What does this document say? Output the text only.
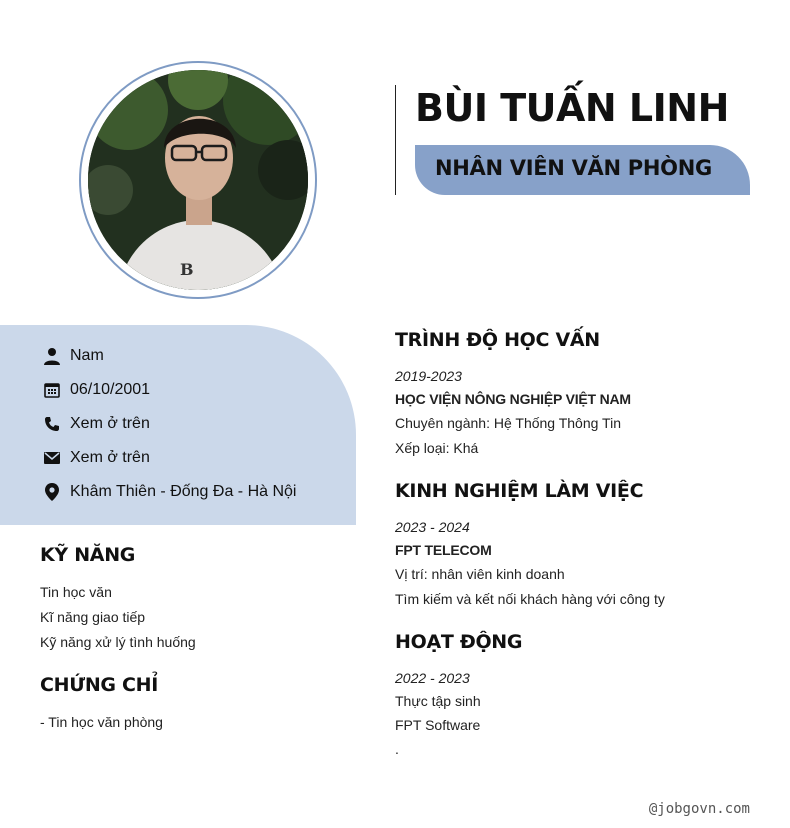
B
BÙI TUẤN LINH
NHÂN VIÊN VĂN PHÒNG
Nam
06/10/2001
Xem ở trên
Xem ở trên
Khâm Thiên - Đống Đa - Hà Nội
KỸ NĂNG
Tin học văn
Kĩ năng giao tiếp
Kỹ năng xử lý tình huống
CHỨNG CHỈ
- Tin học văn phòng
TRÌNH ĐỘ HỌC VẤN
2019-2023
HỌC VIỆN NÔNG NGHIỆP VIỆT NAM
Chuyên ngành: Hệ Thống Thông Tin
Xếp loại: Khá
KINH NGHIỆM LÀM VIỆC
2023 - 2024
FPT TELECOM
Vị trí: nhân viên kinh doanh
Tìm kiếm và kết nối khách hàng với công ty
HOẠT ĐỘNG
2022 - 2023
Thực tập sinh
FPT Software
.
@jobgovn.com
